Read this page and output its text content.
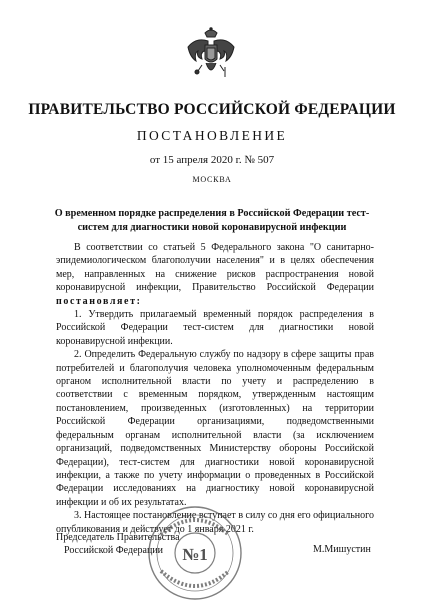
ПРАВИТЕЛЬСТВО РОССИЙСКОЙ ФЕДЕРАЦИИ
ПОСТАНОВЛЕНИЕ
от 15 апреля 2020 г. № 507
МОСКВА
О временном порядке распределения в Российской Федерации тест-систем для диагностики новой коронавирусной инфекции

В соответствии со статьей 5 Федерального закона "О санитарно-эпидемиологическом благополучии населения" и в целях обеспечения мер, направленных на снижение рисков распространения новой коронавирусной инфекции, Правительство Российской Федерации постановляет:

1. Утвердить прилагаемый временный порядок распределения в Российской Федерации тест-систем для диагностики новой коронавирусной инфекции.

2. Определить Федеральную службу по надзору в сфере защиты прав потребителей и благополучия человека уполномоченным федеральным органом исполнительной власти по учету и распределению в соответствии с временным порядком, утвержденным настоящим постановлением, произведенных (изготовленных) на территории Российской Федерации организациями, подведомственными федеральным органам исполнительной власти (за исключением организаций, подведомственных Министерству обороны Российской Федерации), тест-систем для диагностики новой коронавирусной инфекции, а также по учету информации о проведенных в Российской Федерации исследованиях на диагностику новой коронавирусной инфекции и об их результатах.

3. Настоящее постановление вступает в силу со дня его официального опубликования и действует до 1 января 2021 г.

Председатель Правительства
Российской Федерации	М.Мишустин
№1
